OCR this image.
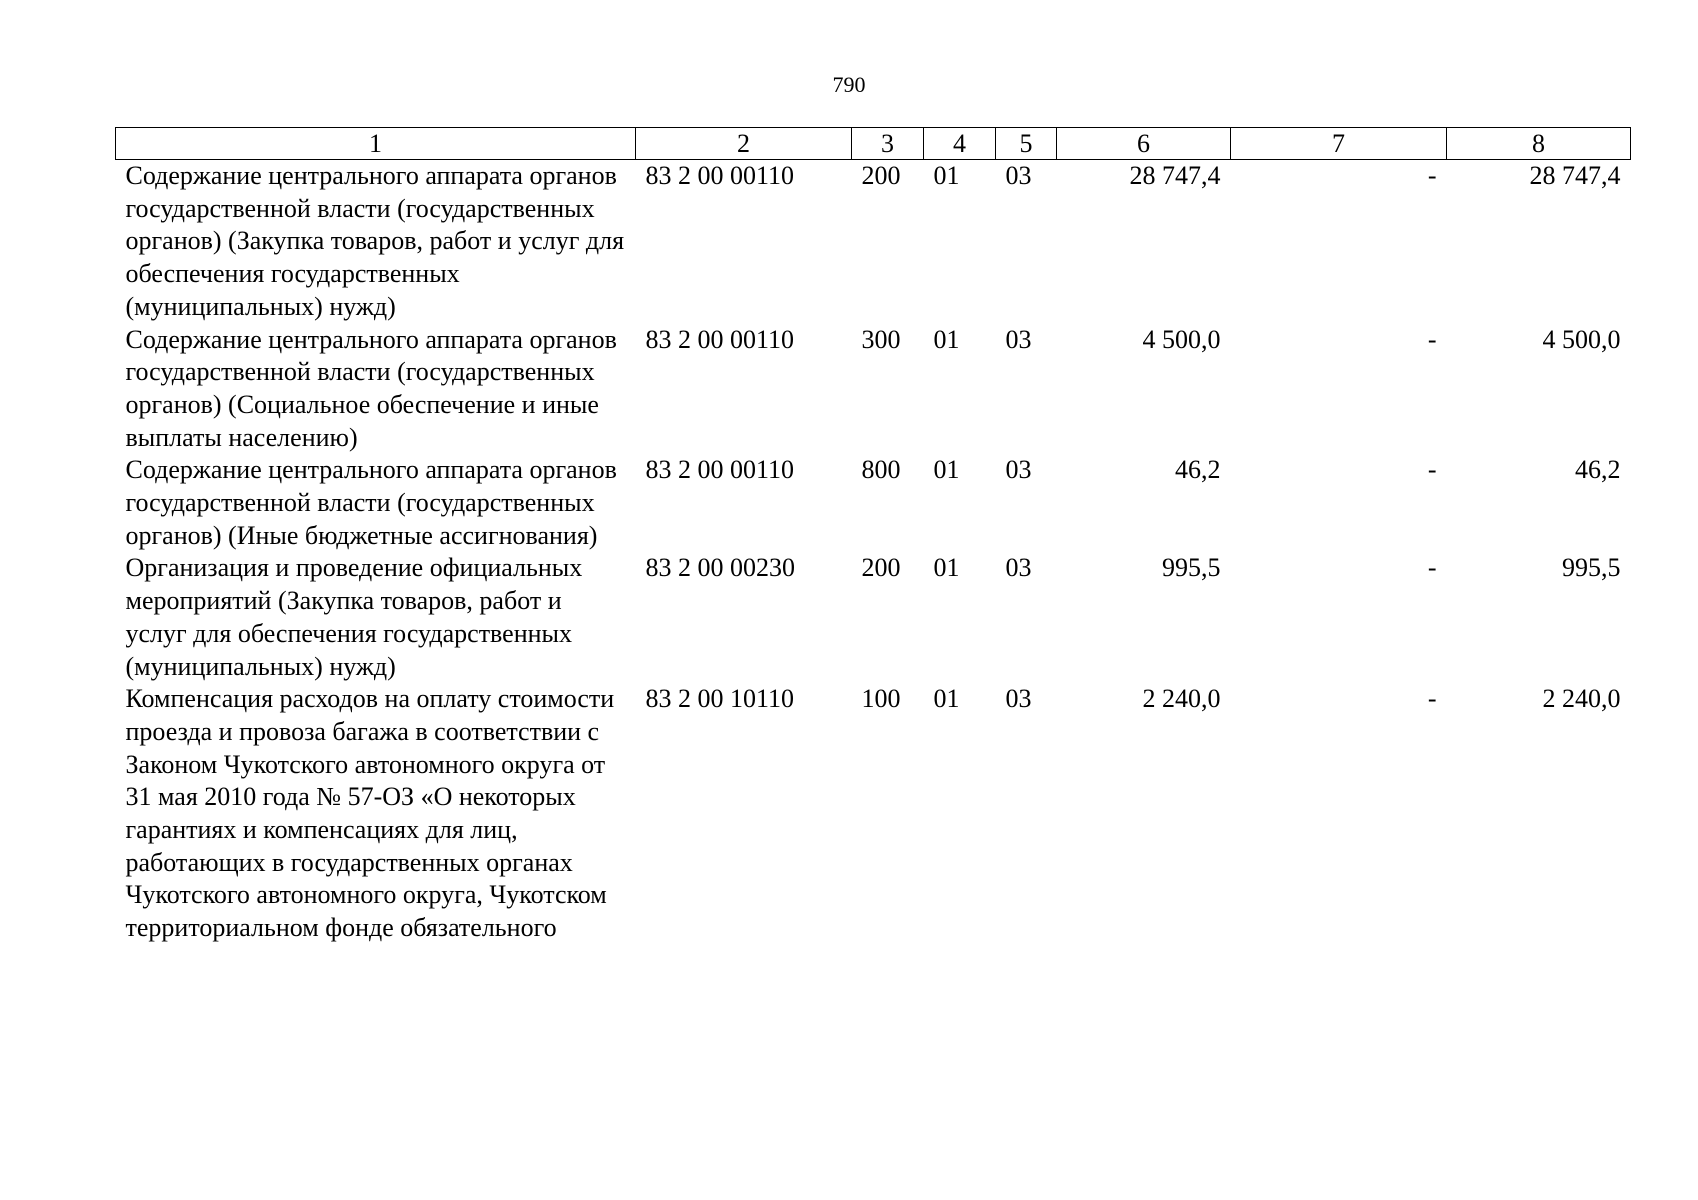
790
1	2	3	4	5	6	7	8
Содержание центрального аппарата органов государственной власти (государственных органов) (Закупка товаров, работ и услуг для обеспечения государственных (муниципальных) нужд)	83 2 00 00110	200	01	03	28 747,4	-	28 747,4
Содержание центрального аппарата органов государственной власти (государственных органов) (Социальное обеспечение и иные выплаты населению)	83 2 00 00110	300	01	03	4 500,0	-	4 500,0
Содержание центрального аппарата органов государственной власти (государственных органов) (Иные бюджетные ассигнования)	83 2 00 00110	800	01	03	46,2	-	46,2
Организация и проведение официальных мероприятий (Закупка товаров, работ и услуг для обеспечения государственных (муниципальных) нужд)	83 2 00 00230	200	01	03	995,5	-	995,5
Компенсация расходов на оплату стоимости проезда и провоза багажа в соответствии с Законом Чукотского автономного округа от 31 мая 2010 года № 57-ОЗ «О некоторых гарантиях и компенсациях для лиц, работающих в государственных органах Чукотского автономного округа, Чукотском территориальном фонде обязательного	83 2 00 10110	100	01	03	2 240,0	-	2 240,0
